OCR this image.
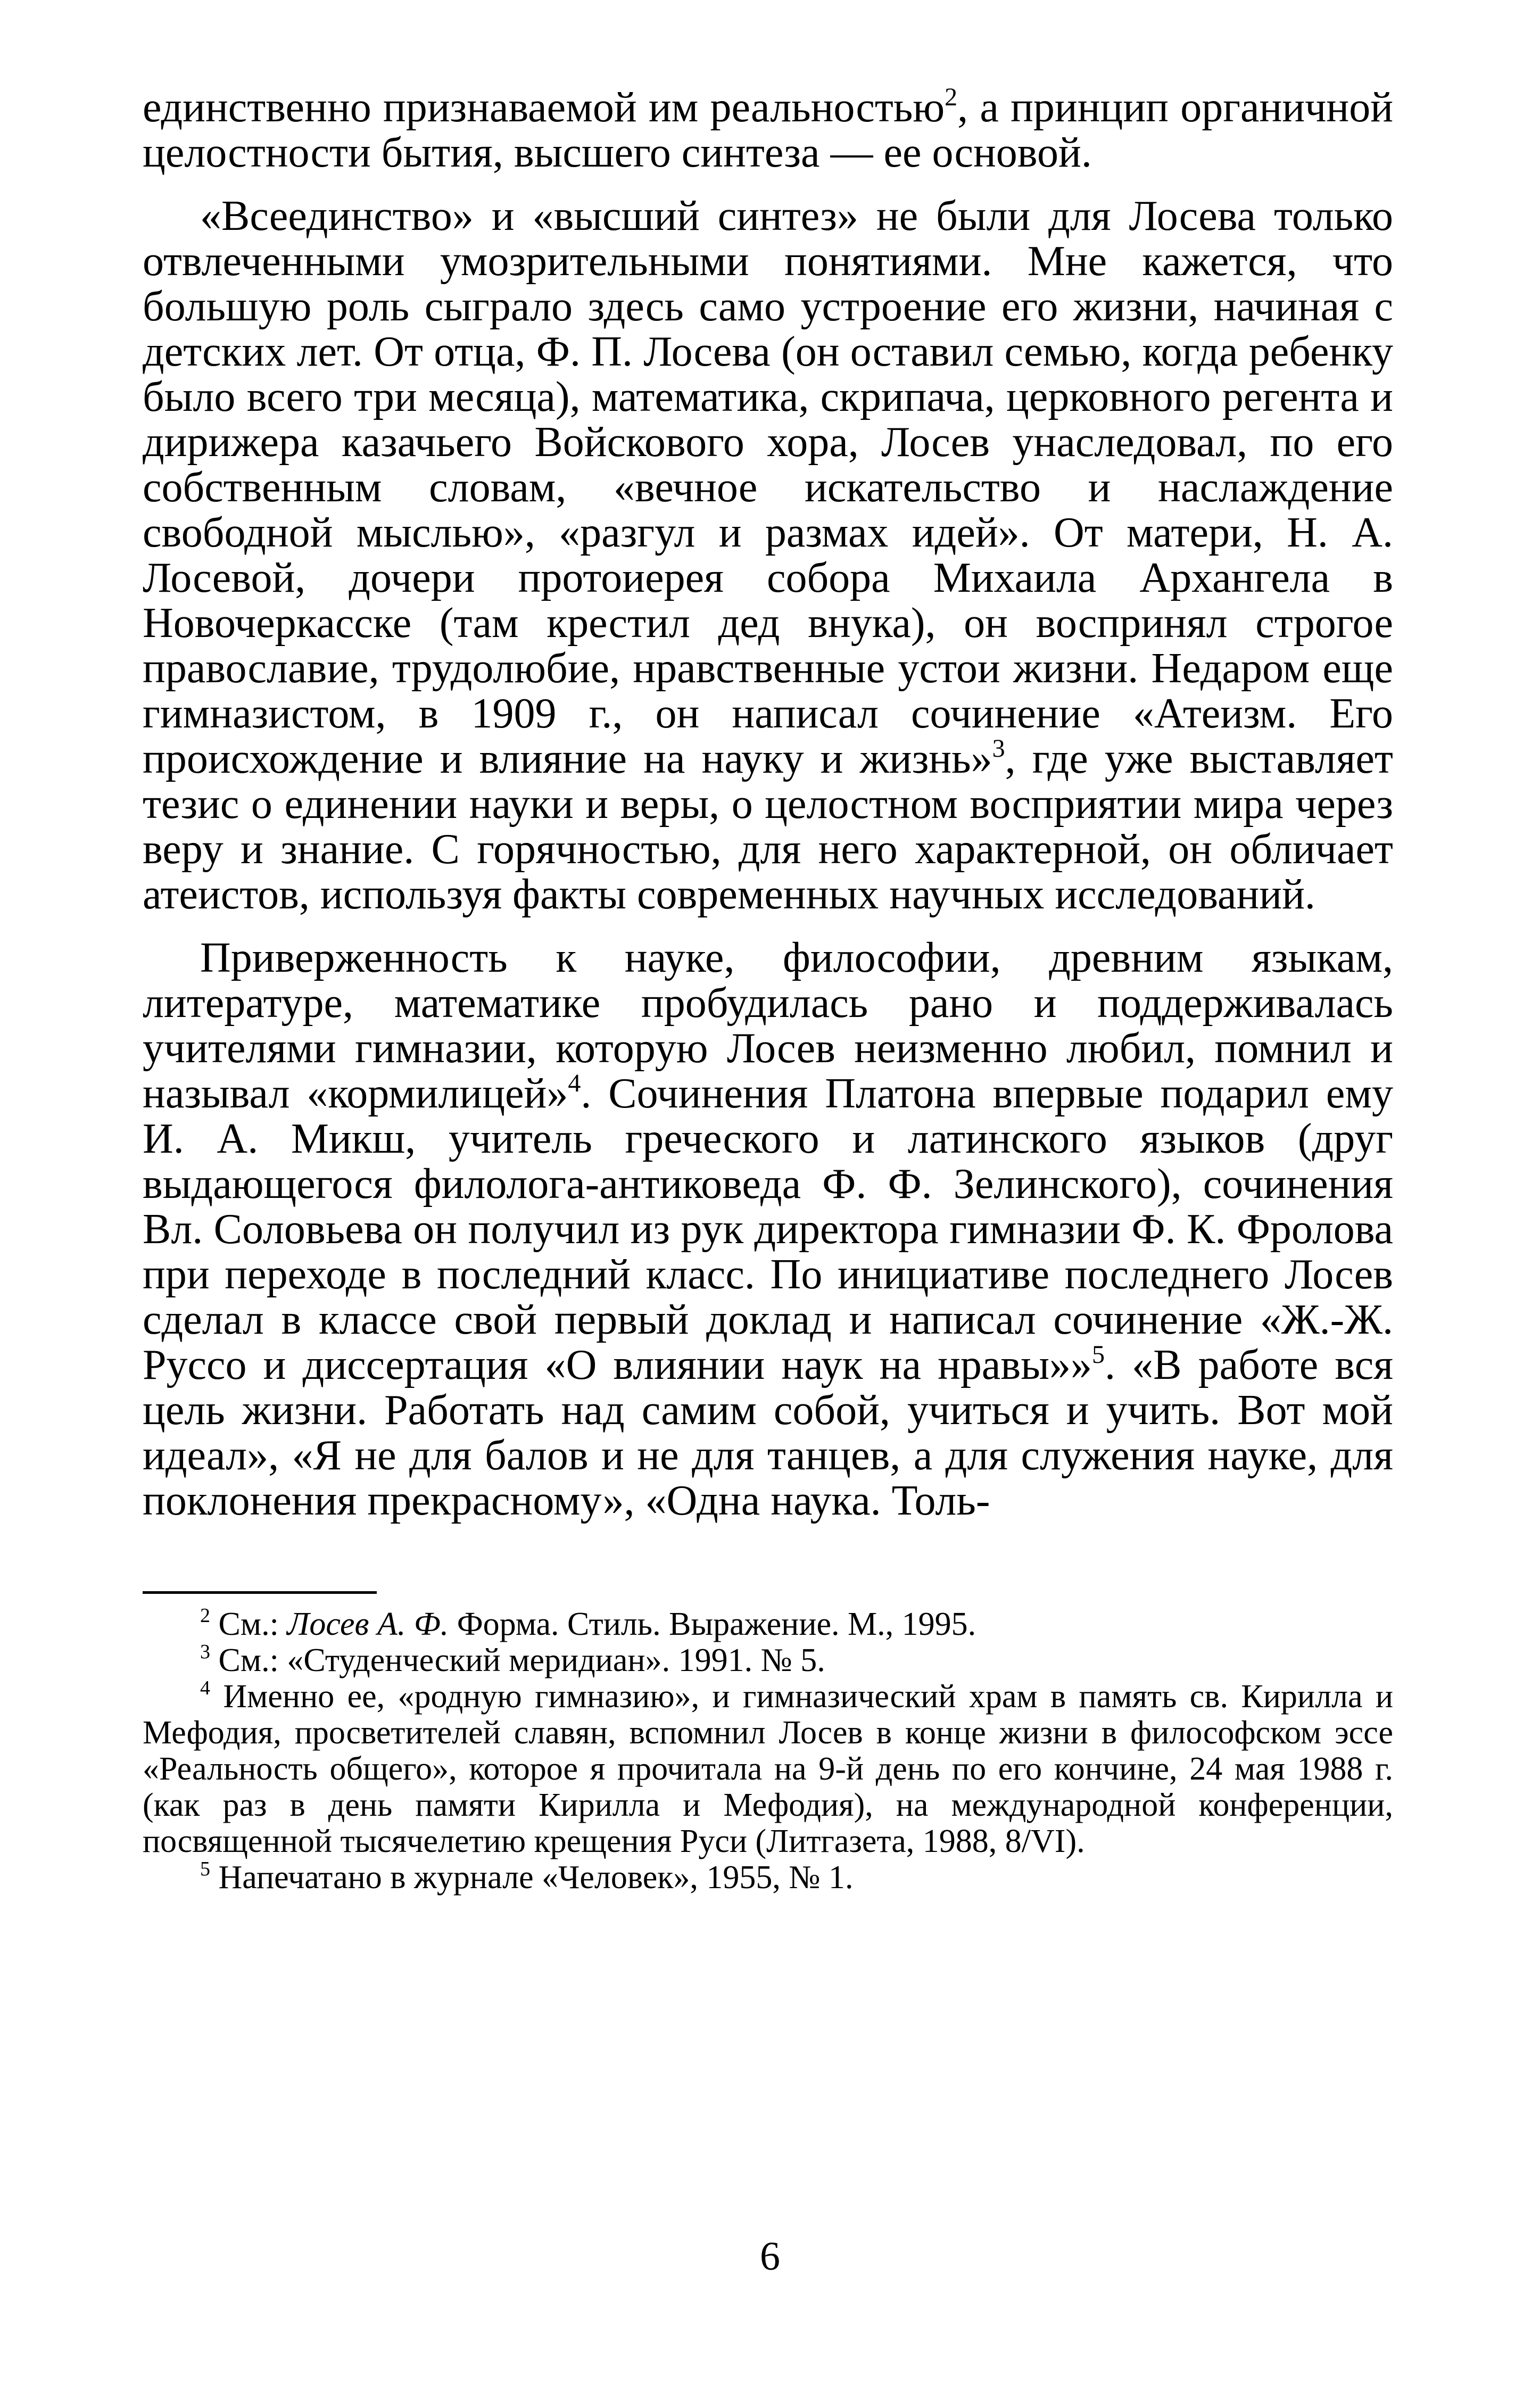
единственно признаваемой им реальностью$^2$, а принцип органичной целостности бытия, высшего синтеза — ее основой.

«Всеединство» и «высший синтез» не были для Лосева только отвлеченными умозрительными понятиями. Мне кажется, что большую роль сыграло здесь само устроение его жизни, начиная с детских лет. От отца, Ф. П. Лосева (он оставил семью, когда ребенку было всего три месяца), математика, скрипача, церковного регента и дирижера казачьего Войскового хора, Лосев унаследовал, по его собственным словам, «вечное искательство и наслаждение свободной мыслью», «разгул и размах идей». От матери, Н. А. Лосевой, дочери протоиерея собора Михаила Архангела в Новочеркасске (там крестил дед внука), он воспринял строгое православие, трудолюбие, нравственные устои жизни. Недаром еще гимназистом, в 1909 г., он написал сочинение «Атеизм. Его происхождение и влияние на науку и жизнь»$^3$, где уже выставляет тезис о единении науки и веры, о целостном восприятии мира через веру и знание. С горячностью, для него характерной, он обличает атеистов, используя факты современных научных исследований.

Приверженность к науке, философии, древним языкам, литературе, математике пробудилась рано и поддерживалась учителями гимназии, которую Лосев неизменно любил, помнил и называл «кормилицей»$^4$. Сочинения Платона впервые подарил ему И. А. Микш, учитель греческого и латинского языков (друг выдающегося филолога-антиковеда Ф. Ф. Зелинского), сочинения Вл. Соловьева он получил из рук директора гимназии Ф. К. Фролова при переходе в последний класс. По инициативе последнего Лосев сделал в классе свой первый доклад и написал сочинение «Ж.-Ж. Руссо и диссертация «О влиянии наук на нравы»»$^5$. «В работе вся цель жизни. Работать над самим собой, учиться и учить. Вот мой идеал», «Я не для балов и не для танцев, а для служения науке, для поклонения прекрасному», «Одна наука. Толь-

$^2$ См.: Лосев А. Ф. Форма. Стиль. Выражение. М., 1995.

$^3$ См.: «Студенческий меридиан». 1991. № 5.

$^4$ Именно ее, «родную гимназию», и гимназический храм в память св. Кирилла и Мефодия, просветителей славян, вспомнил Лосев в конце жизни в философском эссе «Реальность общего», которое я прочитала на 9-й день по его кончине, 24 мая 1988 г. (как раз в день памяти Кирилла и Мефодия), на международной конференции, посвященной тысячелетию крещения Руси (Литгазета, 1988, 8/VI).

$^5$ Напечатано в журнале «Человек», 1955, № 1.

6
